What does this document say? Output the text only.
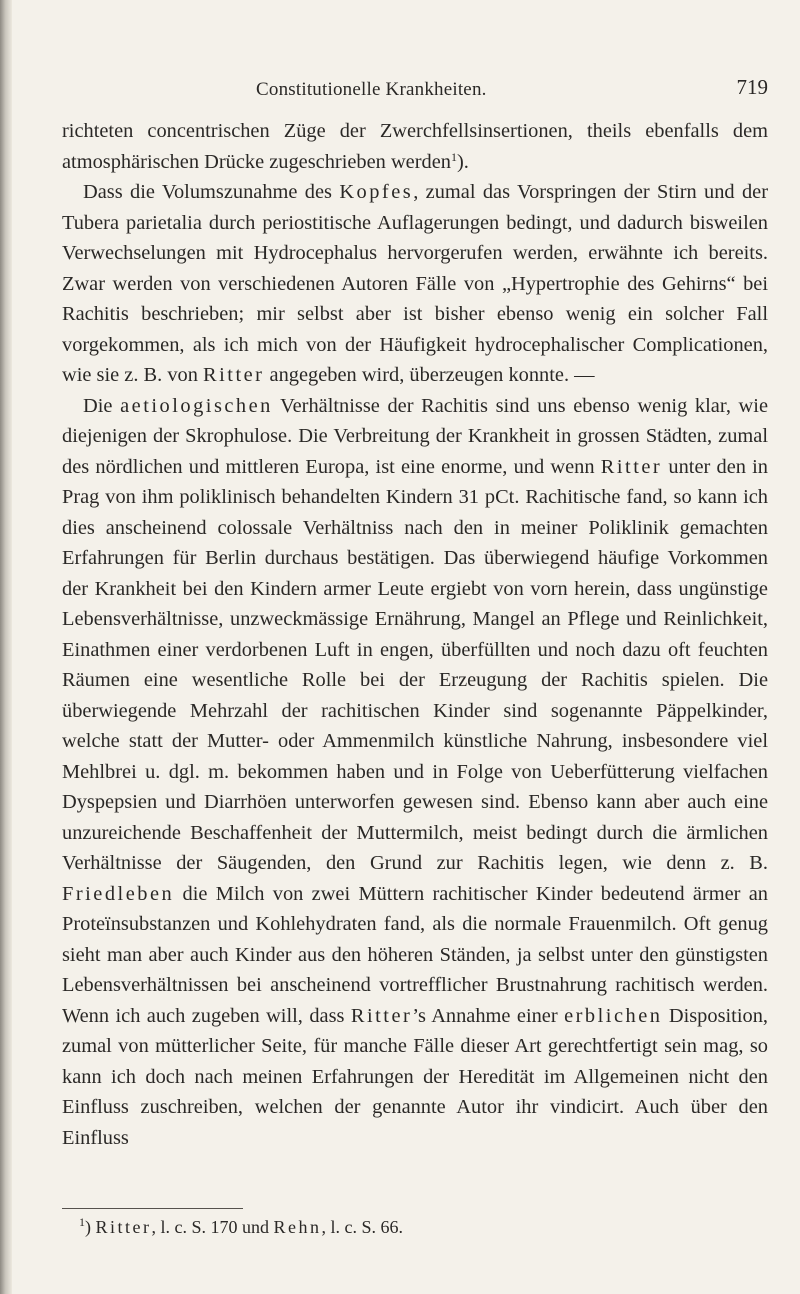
Constitutionelle Krankheiten.	719

richteten concentrischen Züge der Zwerchfellsinsertionen, theils ebenfalls dem atmosphärischen Drücke zugeschrieben werden$^1$).

Dass die Volumszunahme des Kopfes, zumal das Vorspringen der Stirn und der Tubera parietalia durch periostitische Auflagerungen bedingt, und dadurch bisweilen Verwechselungen mit Hydrocephalus hervorgerufen werden, erwähnte ich bereits. Zwar werden von verschiedenen Autoren Fälle von „Hypertrophie des Gehirns“ bei Rachitis beschrieben; mir selbst aber ist bisher ebenso wenig ein solcher Fall vorgekommen, als ich mich von der Häufigkeit hydrocephalischer Complicationen, wie sie z. B. von Ritter angegeben wird, überzeugen konnte. —

Die aetiologischen Verhältnisse der Rachitis sind uns ebenso wenig klar, wie diejenigen der Skrophulose. Die Verbreitung der Krankheit in grossen Städten, zumal des nördlichen und mittleren Europa, ist eine enorme, und wenn Ritter unter den in Prag von ihm poliklinisch behandelten Kindern 31 pCt. Rachitische fand, so kann ich dies anscheinend colossale Verhältniss nach den in meiner Poliklinik gemachten Erfahrungen für Berlin durchaus bestätigen. Das überwiegend häufige Vorkommen der Krankheit bei den Kindern armer Leute ergiebt von vorn herein, dass ungünstige Lebensverhältnisse, unzweckmässige Ernährung, Mangel an Pflege und Reinlichkeit, Einathmen einer verdorbenen Luft in engen, überfüllten und noch dazu oft feuchten Räumen eine wesentliche Rolle bei der Erzeugung der Rachitis spielen. Die überwiegende Mehrzahl der rachitischen Kinder sind sogenannte Päppelkinder, welche statt der Mutter- oder Ammenmilch künstliche Nahrung, insbesondere viel Mehlbrei u. dgl. m. bekommen haben und in Folge von Ueberfütterung vielfachen Dyspepsien und Diarrhöen unterworfen gewesen sind. Ebenso kann aber auch eine unzureichende Beschaffenheit der Muttermilch, meist bedingt durch die ärmlichen Verhältnisse der Säugenden, den Grund zur Rachitis legen, wie denn z. B. Friedleben die Milch von zwei Müttern rachitischer Kinder bedeutend ärmer an Proteïnsubstanzen und Kohlehydraten fand, als die normale Frauenmilch. Oft genug sieht man aber auch Kinder aus den höheren Ständen, ja selbst unter den günstigsten Lebensverhältnissen bei anscheinend vortrefflicher Brustnahrung rachitisch werden. Wenn ich auch zugeben will, dass Ritter’s Annahme einer erblichen Disposition, zumal von mütterlicher Seite, für manche Fälle dieser Art gerechtfertigt sein mag, so kann ich doch nach meinen Erfahrungen der Heredität im Allgemeinen nicht den Einfluss zuschreiben, welchen der genannte Autor ihr vindicirt. Auch über den Einfluss

$^1$) Ritter, l. c. S. 170 und Rehn, l. c. S. 66.
